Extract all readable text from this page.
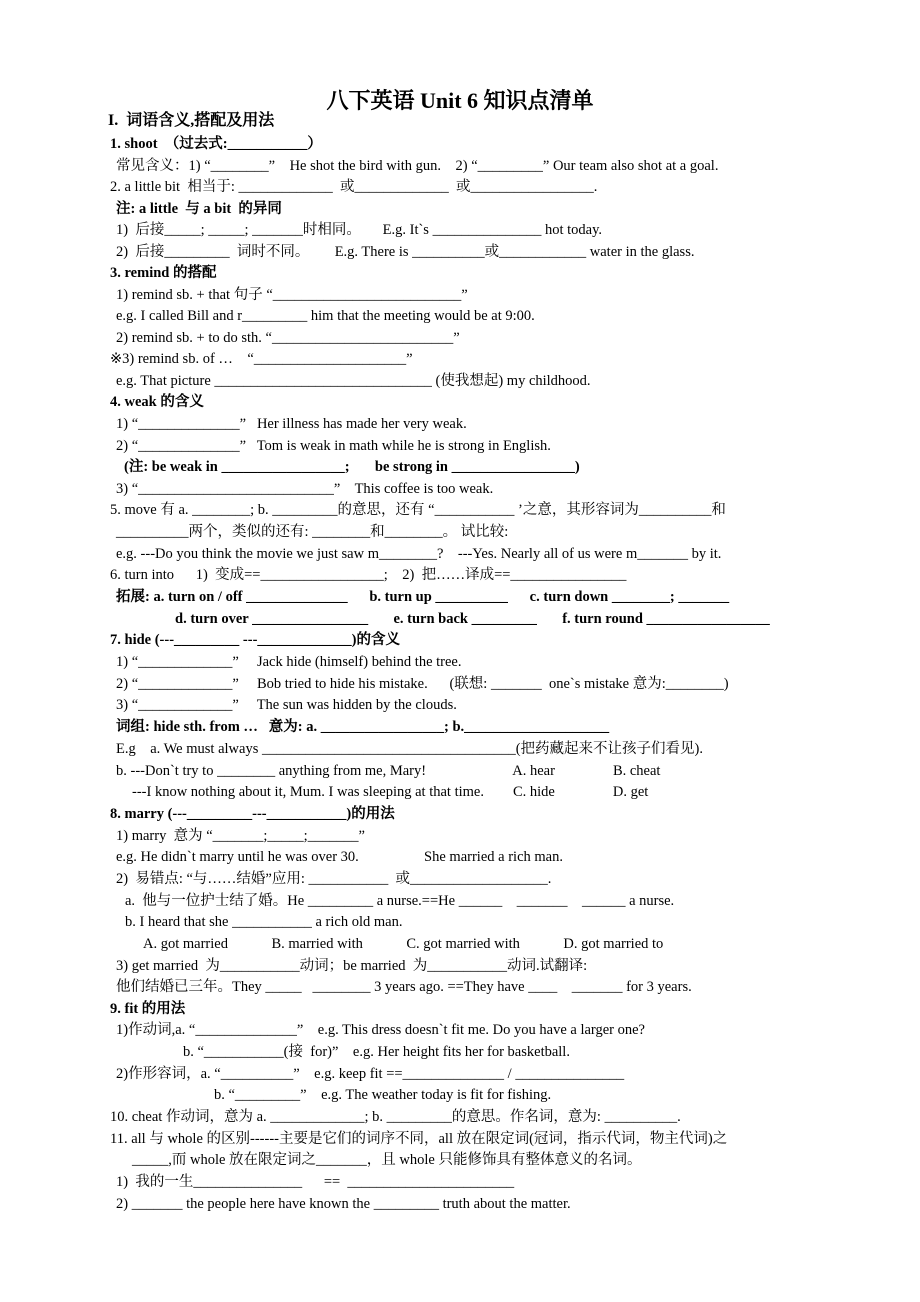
八下英语 Unit 6 知识点清单
I.  词语含义,搭配及用法
1. shoot  （过去式:___________）
常见含义：1) “________”    He shot the bird with gun.    2) “_________” Our team also shot at a goal.
2. a little bit  相当于: _____________  或_____________  或_________________.
注: a little  与 a bit  的异同
1)  后接_____; _____; _______时相同。      E.g. It`s _______________ hot today.
2)  后接_________  词时不同。       E.g. There is __________或____________ water in the glass.
3. remind 的搭配
1) remind sb. + that 句子 “__________________________”
e.g. I called Bill and r_________ him that the meeting would be at 9:00.
2) remind sb. + to do sth. “_________________________”
※3) remind sb. of …    “_____________________”
e.g. That picture ______________________________ (使我想起) my childhood.
4. weak 的含义
1) “______________”   Her illness has made her very weak.
2) “______________”   Tom is weak in math while he is strong in English.
(注: be weak in _________________;       be strong in _________________)
3) “___________________________”    This coffee is too weak.
5. move 有 a. ________; b. _________的意思，还有 “___________ ’之意，其形容词为__________和
__________两个，类似的还有: ________和________。 试比较:
e.g. ---Do you think the movie we just saw m________?    ---Yes. Nearly all of us were m_______ by it.
6. turn into      1)  变成==_________________;    2)  把……译成==________________
拓展: a. turn on / off ______________      b. turn up __________      c. turn down ________; _______
d. turn over ________________       e. turn back _________       f. turn round _________________
7. hide (---_________ ---_____________)的含义
1) “_____________”     Jack hide (himself) behind the tree.
2) “_____________”     Bob tried to hide his mistake.      (联想: _______  one`s mistake 意为:________)
3) “_____________”     The sun was hidden by the clouds.
词组: hide sth. from …   意为: a. _________________; b.____________________
E.g    a. We must always ___________________________________(把药藏起来不让孩子们看见).
b. ---Don`t try to ________ anything from me, Mary!                        A. hear                B. cheat
---I know nothing about it, Mum. I was sleeping at that time.        C. hide                D. get
8. marry (---_________---___________)的用法
1) marry  意为 “_______;_____;_______”
e.g. He didn`t marry until he was over 30.                  She married a rich man.
2)  易错点: “与……结婚”应用: ___________  或___________________.
a.  他与一位护士结了婚。He _________ a nurse.==He ______    _______    ______ a nurse.
b. I heard that she ___________ a rich old man.
A. got married            B. married with            C. got married with            D. got married to
3) get married  为___________动词；be married  为___________动词.试翻译:
他们结婚已三年。They _____   ________ 3 years ago. ==They have ____    _______ for 3 years.
9. fit 的用法
1)作动词,a. “______________”    e.g. This dress doesn`t fit me. Do you have a larger one?
b. “___________(接  for)”    e.g. Her height fits her for basketball.
2)作形容词，a. “__________”    e.g. keep fit ==______________ / _______________
b. “_________”    e.g. The weather today is fit for fishing.
10. cheat 作动词，意为 a. _____________; b. _________的意思。作名词，意为: __________.
11. all 与 whole 的区别------主要是它们的词序不同，all 放在限定词(冠词，指示代词，物主代词)之
_____,而 whole 放在限定词之_______，且 whole 只能修饰具有整体意义的名词。
1)  我的一生_______________      ==  _______________________
2) _______ the people here have known the _________ truth about the matter.
